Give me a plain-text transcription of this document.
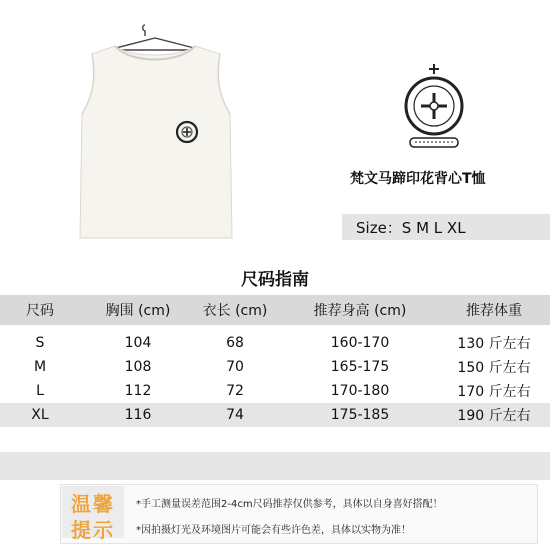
梵文马蹄印花背心T恤
Size：S M L XL
尺码指南
尺码	胸围 (cm)	衣长 (cm)	推荐身高 (cm)	推荐体重
S	104	68	160-170	130 斤左右
M	108	70	165-175	150 斤左右
L	112	72	170-180	170 斤左右
XL	116	74	175-185	190 斤左右
温馨
提示
*手工测量误差范围2-4cm尺码推荐仅供参考，具体以自身喜好搭配！
*因拍摄灯光及环境图片可能会有些许色差，具体以实物为准！
